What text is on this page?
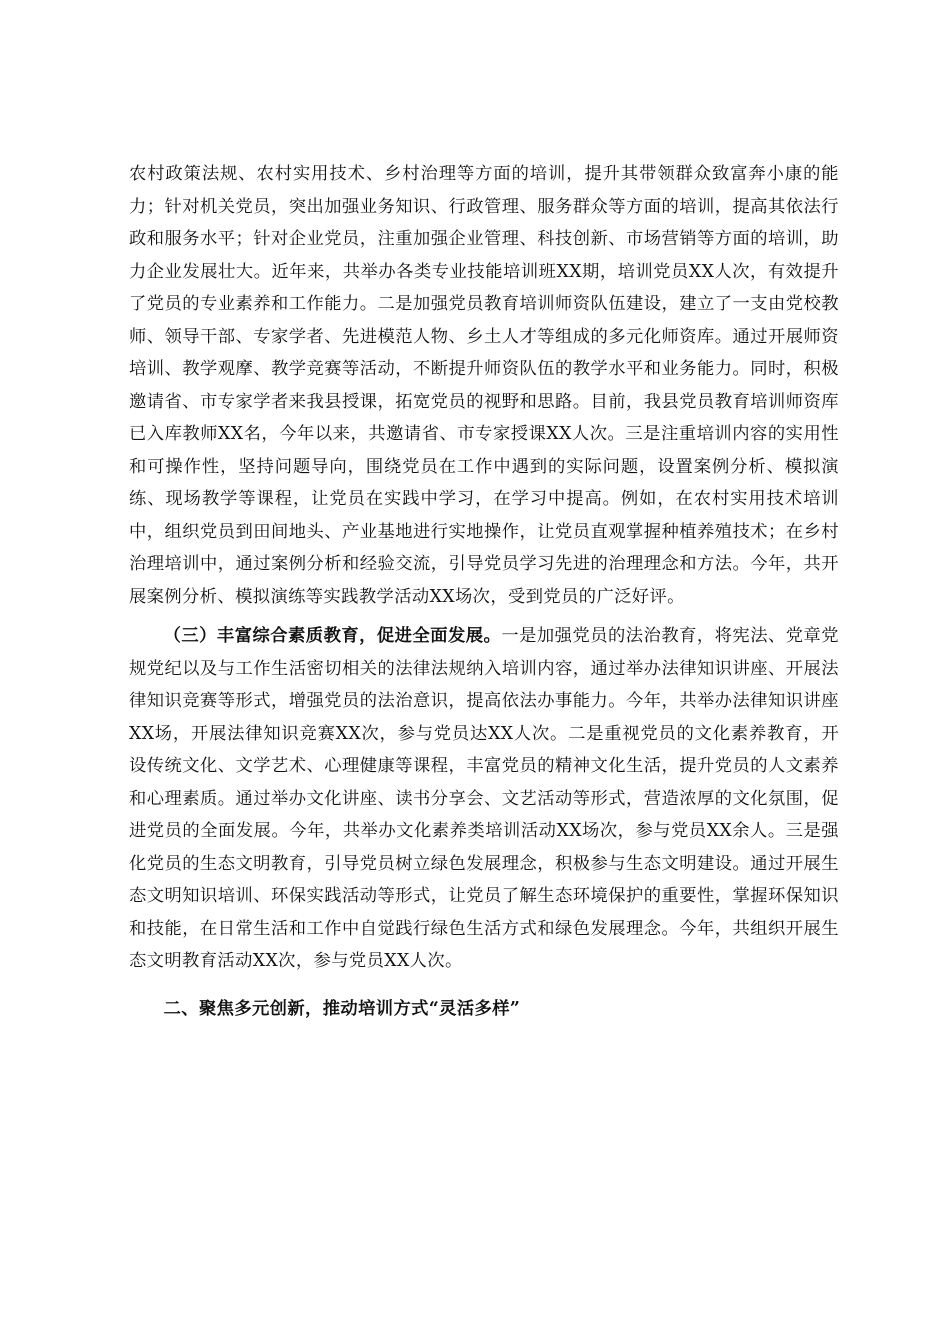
农村政策法规、农村实用技术、乡村治理等方面的培训，提升其带领群众致富奔小康的能力；针对机关党员，突出加强业务知识、行政管理、服务群众等方面的培训，提高其依法行政和服务水平；针对企业党员，注重加强企业管理、科技创新、市场营销等方面的培训，助力企业发展壮大。近年来，共举办各类专业技能培训班XX期，培训党员XX人次，有效提升了党员的专业素养和工作能力。二是加强党员教育培训师资队伍建设，建立了一支由党校教师、领导干部、专家学者、先进模范人物、乡土人才等组成的多元化师资库。通过开展师资培训、教学观摩、教学竞赛等活动，不断提升师资队伍的教学水平和业务能力。同时，积极邀请省、市专家学者来我县授课，拓宽党员的视野和思路。目前，我县党员教育培训师资库已入库教师XX名，今年以来，共邀请省、市专家授课XX人次。三是注重培训内容的实用性和可操作性，坚持问题导向，围绕党员在工作中遇到的实际问题，设置案例分析、模拟演练、现场教学等课程，让党员在实践中学习，在学习中提高。例如，在农村实用技术培训中，组织党员到田间地头、产业基地进行实地操作，让党员直观掌握种植养殖技术；在乡村治理培训中，通过案例分析和经验交流，引导党员学习先进的治理理念和方法。今年，共开展案例分析、模拟演练等实践教学活动XX场次，受到党员的广泛好评。

（三）丰富综合素质教育，促进全面发展。一是加强党员的法治教育，将宪法、党章党规党纪以及与工作生活密切相关的法律法规纳入培训内容，通过举办法律知识讲座、开展法律知识竞赛等形式，增强党员的法治意识，提高依法办事能力。今年，共举办法律知识讲座XX场，开展法律知识竞赛XX次，参与党员达XX人次。二是重视党员的文化素养教育，开设传统文化、文学艺术、心理健康等课程，丰富党员的精神文化生活，提升党员的人文素养和心理素质。通过举办文化讲座、读书分享会、文艺活动等形式，营造浓厚的文化氛围，促进党员的全面发展。今年，共举办文化素养类培训活动XX场次，参与党员XX余人。三是强化党员的生态文明教育，引导党员树立绿色发展理念，积极参与生态文明建设。通过开展生态文明知识培训、环保实践活动等形式，让党员了解生态环境保护的重要性，掌握环保知识和技能，在日常生活和工作中自觉践行绿色生活方式和绿色发展理念。今年，共组织开展生态文明教育活动XX次，参与党员XX人次。

二、聚焦多元创新，推动培训方式“灵活多样”
